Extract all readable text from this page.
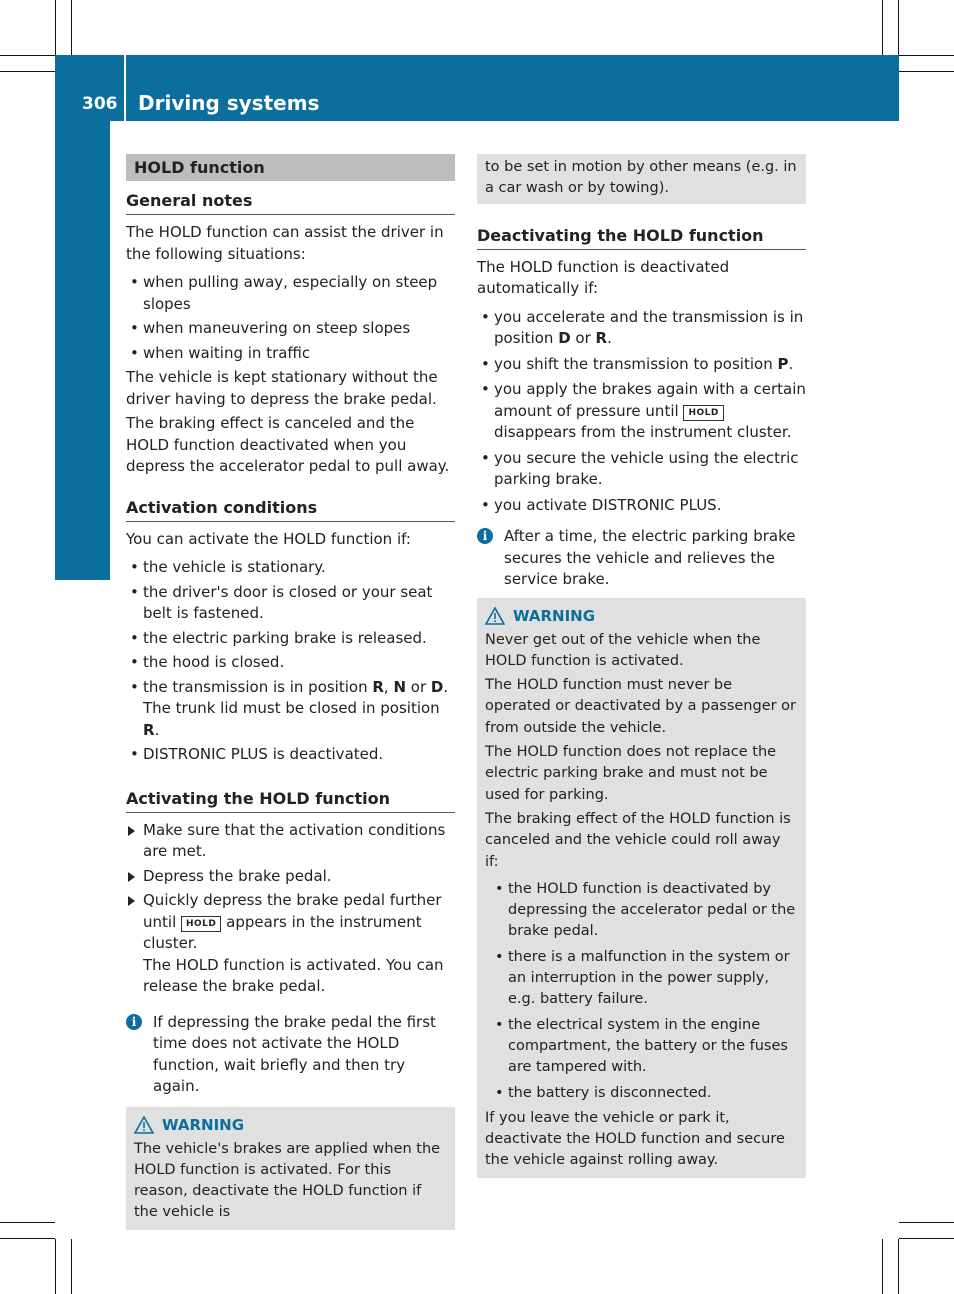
306 Driving systems
Driving and parking
HOLD function
General notes

The HOLD function can assist the driver in the following situations:

• when pulling away, especially on steep slopes
• when maneuvering on steep slopes
• when waiting in traffic

The vehicle is kept stationary without the driver having to depress the brake pedal.

The braking effect is canceled and the HOLD function deactivated when you depress the accelerator pedal to pull away.

Activation conditions

You can activate the HOLD function if:

• the vehicle is stationary.
• the driver's door is closed or your seat belt is fastened.
• the electric parking brake is released.
• the hood is closed.
• the transmission is in position R, N or D.
The trunk lid must be closed in position R.
• DISTRONIC PLUS is deactivated.
Activating the HOLD function
Make sure that the activation conditions are met.
Depress the brake pedal.
Quickly depress the brake pedal further until HOLD appears in the instrument cluster.
The HOLD function is activated. You can release the brake pedal.
i	If depressing the brake pedal the first time does not activate the HOLD function, wait briefly and then try again.
WARNING

The vehicle's brakes are applied when the HOLD function is activated. For this reason, deactivate the HOLD function if the vehicle is

to be set in motion by other means (e.g. in a car wash or by towing).

Deactivating the HOLD function

The HOLD function is deactivated automatically if:

• you accelerate and the transmission is in position D or R.
• you shift the transmission to position P.
• you apply the brakes again with a certain amount of pressure until HOLD disappears from the instrument cluster.
• you secure the vehicle using the electric parking brake.
• you activate DISTRONIC PLUS.
i	After a time, the electric parking brake secures the vehicle and relieves the service brake.
WARNING

Never get out of the vehicle when the HOLD function is activated.

The HOLD function must never be operated or deactivated by a passenger or from outside the vehicle.

The HOLD function does not replace the electric parking brake and must not be used for parking.

The braking effect of the HOLD function is canceled and the vehicle could roll away if:

• the HOLD function is deactivated by depressing the accelerator pedal or the brake pedal.
• there is a malfunction in the system or an interruption in the power supply, e.g. battery failure.
• the electrical system in the engine compartment, the battery or the fuses are tampered with.
• the battery is disconnected.

If you leave the vehicle or park it, deactivate the HOLD function and secure the vehicle against rolling away.
